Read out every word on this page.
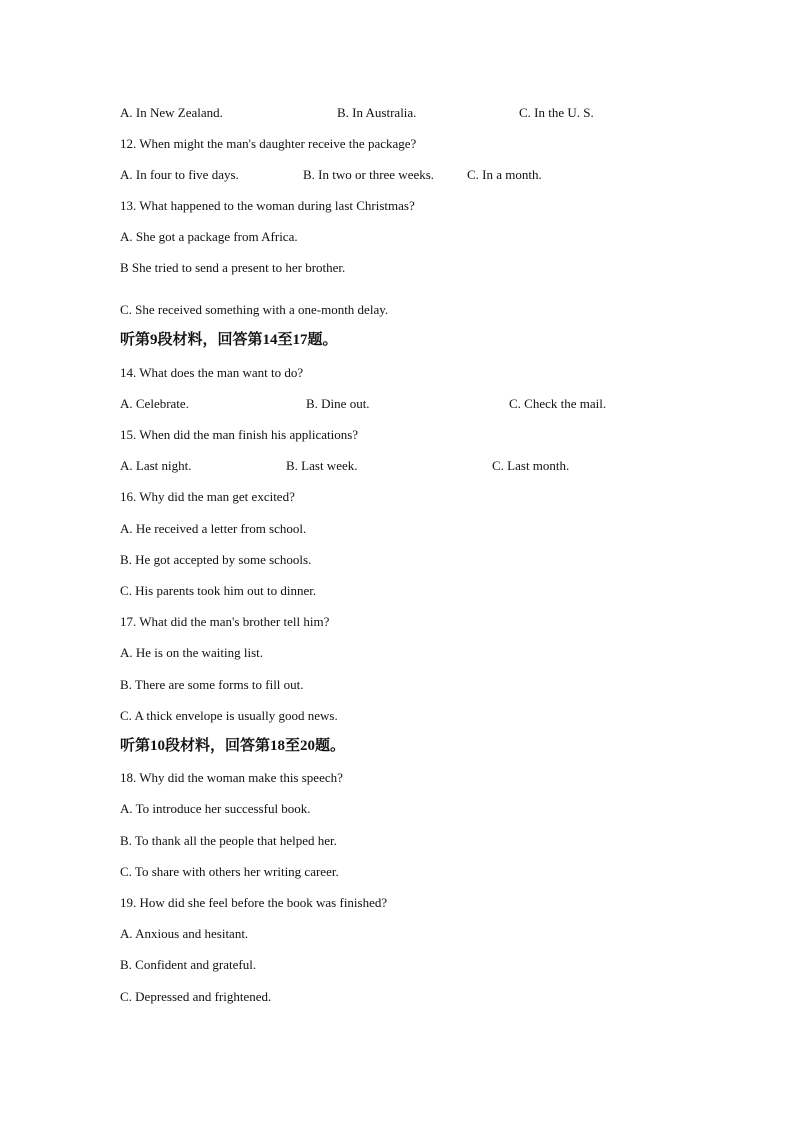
A. In New Zealand.	B. In Australia.	C. In the U. S.
12. When might the man's daughter receive the package?
A. In four to five days.	B. In two or three weeks.	C. In a month.
13. What happened to the woman during last Christmas?
A. She got a package from Africa.
B She tried to send a present to her brother.
C. She received something with a one-month delay.
听第9段材料，回答第14至17题。
14. What does the man want to do?
A. Celebrate.	B. Dine out.	C. Check the mail.
15. When did the man finish his applications?
A. Last night.	B. Last week.	C. Last month.
16. Why did the man get excited?
A. He received a letter from school.
B. He got accepted by some schools.
C. His parents took him out to dinner.
17. What did the man's brother tell him?
A. He is on the waiting list.
B. There are some forms to fill out.
C. A thick envelope is usually good news.
听第10段材料，回答第18至20题。
18. Why did the woman make this speech?
A. To introduce her successful book.
B. To thank all the people that helped her.
C. To share with others her writing career.
19. How did she feel before the book was finished?
A. Anxious and hesitant.
B. Confident and grateful.
C. Depressed and frightened.
